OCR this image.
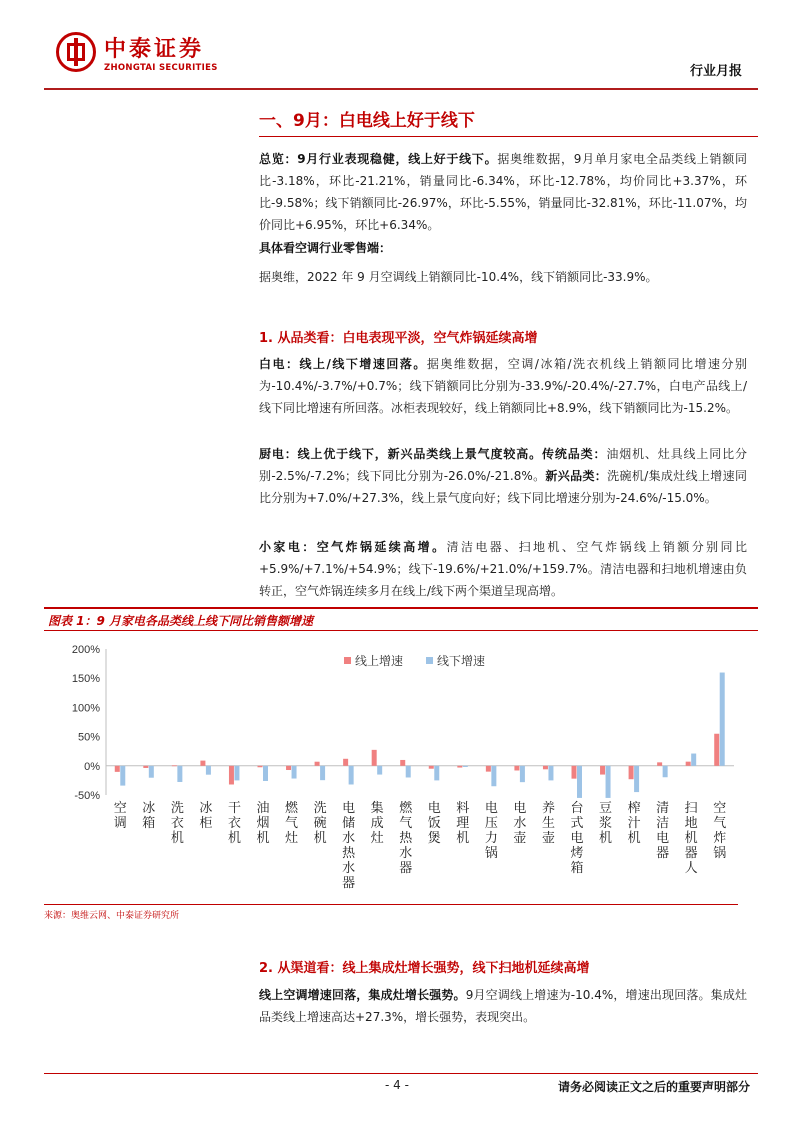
中泰证券
ZHONGTAI SECURITIES	行业月报
一、9月：白电线上好于线下

总览：9月行业表现稳健，线上好于线下。据奥维数据，9月单月家电全品类线上销额同比-3.18%，环比-21.21%，销量同比-6.34%，环比-12.78%，均价同比+3.37%，环比-9.58%；线下销额同比-26.97%，环比-5.55%，销量同比-32.81%，环比-11.07%，均价同比+6.95%，环比+6.34%。

具体看空调行业零售端：

据奥维，2022 年 9 月空调线上销额同比-10.4%，线下销额同比-33.9%。

1. 从品类看：白电表现平淡，空气炸锅延续高增

白电：线上/线下增速回落。据奥维数据，空调/冰箱/洗衣机线上销额同比增速分别为-10.4%/-3.7%/+0.7%；线下销额同比分别为-33.9%/-20.4%/-27.7%，白电产品线上/线下同比增速有所回落。冰柜表现较好，线上销额同比+8.9%，线下销额同比为-15.2%。

厨电：线上优于线下，新兴品类线上景气度较高。传统品类：油烟机、灶具线上同比分别-2.5%/-7.2%；线下同比分别为-26.0%/-21.8%。新兴品类：洗碗机/集成灶线上增速同比分别为+7.0%/+27.3%，线上景气度向好；线下同比增速分别为-24.6%/-15.0%。

小家电：空气炸锅延续高增。清洁电器、扫地机、空气炸锅线上销额分别同比+5.9%/+7.1%/+54.9%；线下-19.6%/+21.0%/+159.7%。清洁电器和扫地机增速由负转正，空气炸锅连续多月在线上/线下两个渠道呈现高增。

图表 1：9 月家电各品类线上线下同比销售额增速
200%
150%
100%
50%
0%
-50%
空
调
冰
箱
洗
衣
机
冰
柜
干
衣
机
油
烟
机
燃
气
灶
洗
碗
机
电
储
水
热
水
器
集
成
灶
燃
气
热
水
器
电
饭
煲
料
理
机
电
压
力
锅
电
水
壶
养
生
壶
台
式
电
烤
箱
豆
浆
机
榨
汁
机
清
洁
电
器
扫
地
机
器
人
空
气
炸
锅
线上增速	线下增速
来源：奥维云网、中泰证券研究所
2. 从渠道看：线上集成灶增长强势，线下扫地机延续高增

线上空调增速回落，集成灶增长强势。9月空调线上增速为-10.4%，增速出现回落。集成灶品类线上增速高达+27.3%，增长强势，表现突出。

- 4 -	请务必阅读正文之后的重要声明部分
